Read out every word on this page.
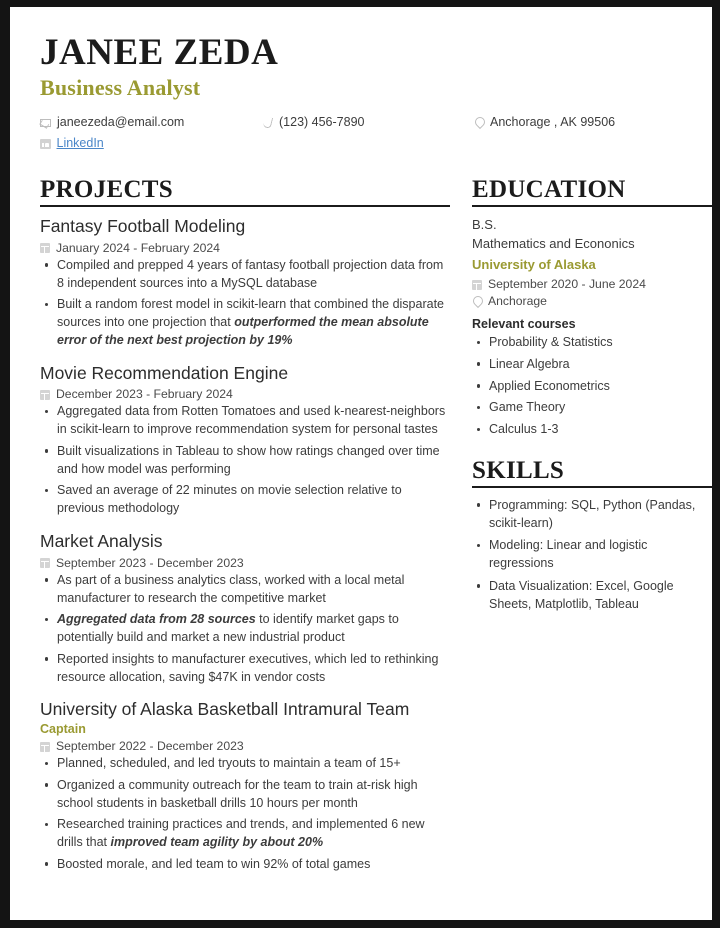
JANEE ZEDA
Business Analyst
janeezeda@email.com	(123) 456-7890	Anchorage , AK 99506
LinkedIn
PROJECTS
Fantasy Football Modeling
January 2024 - February 2024
Compiled and prepped 4 years of fantasy football projection data from 8 independent sources into a MySQL database
Built a random forest model in scikit-learn that combined the disparate sources into one projection that outperformed the mean absolute error of the next best projection by 19%
Movie Recommendation Engine
December 2023 - February 2024
Aggregated data from Rotten Tomatoes and used k-nearest-neighbors in scikit-learn to improve recommendation system for personal tastes
Built visualizations in Tableau to show how ratings changed over time and how model was performing
Saved an average of 22 minutes on movie selection relative to previous methodology
Market Analysis
September 2023 - December 2023
As part of a business analytics class, worked with a local metal manufacturer to research the competitive market
Aggregated data from 28 sources to identify market gaps to potentially build and market a new industrial product
Reported insights to manufacturer executives, which led to rethinking resource allocation, saving $47K in vendor costs
University of Alaska Basketball Intramural Team
Captain
September 2022 - December 2023
Planned, scheduled, and led tryouts to maintain a team of 15+
Organized a community outreach for the team to train at-risk high school students in basketball drills 10 hours per month
Researched training practices and trends, and implemented 6 new drills that improved team agility by about 20%
Boosted morale, and led team to win 92% of total games
EDUCATION
B.S.
Mathematics and Econonics
University of Alaska
September 2020 - June 2024
Anchorage
Relevant courses
Probability & Statistics
Linear Algebra
Applied Econometrics
Game Theory
Calculus 1-3
SKILLS
Programming: SQL, Python (Pandas, scikit-learn)
Modeling: Linear and logistic regressions
Data Visualization: Excel, Google Sheets, Matplotlib, Tableau
